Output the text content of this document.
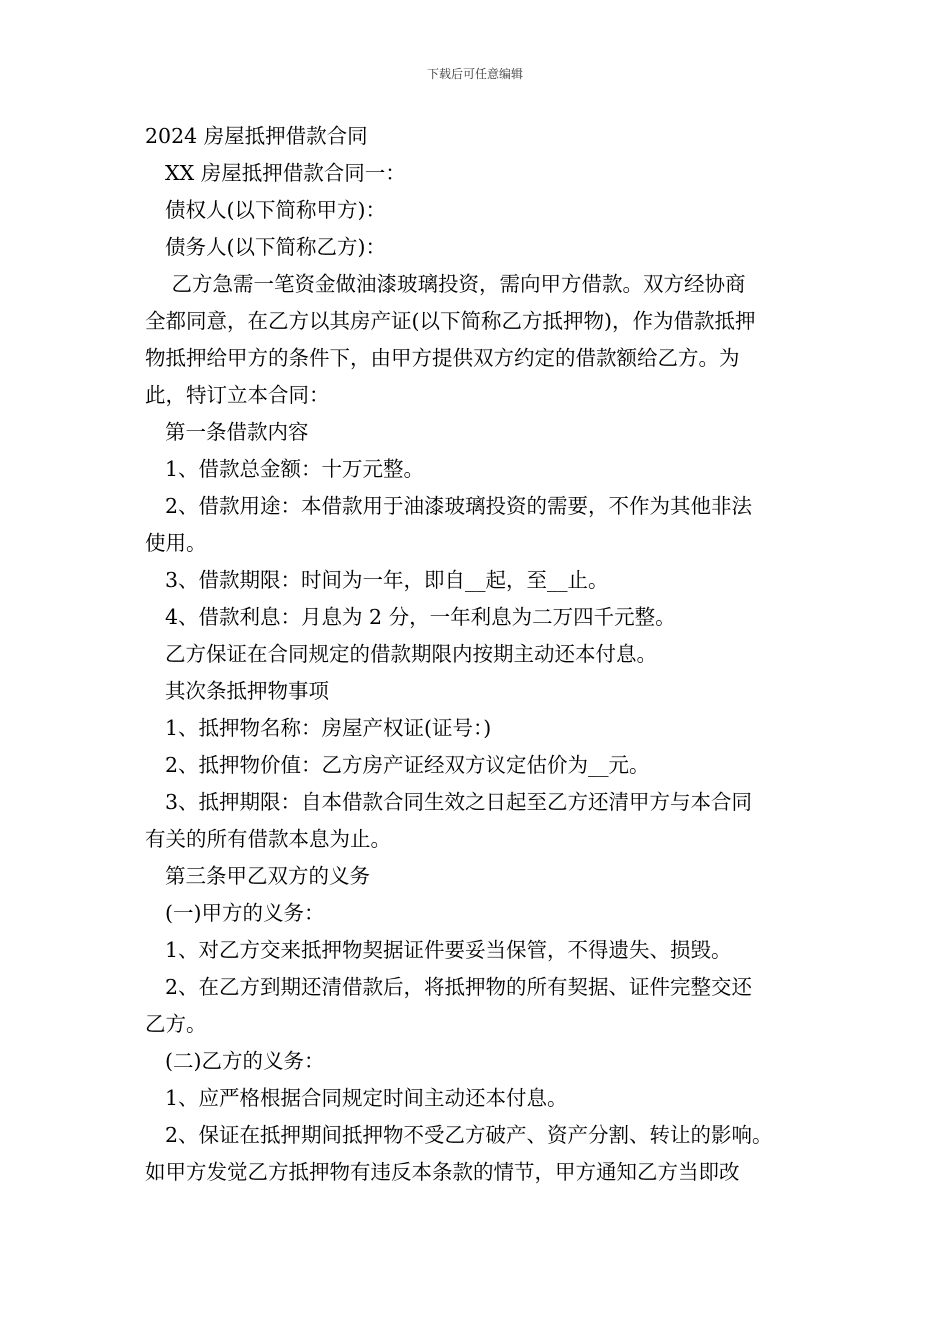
下载后可任意编辑

2024 房屋抵押借款合同

XX 房屋抵押借款合同一：

债权人(以下简称甲方)：

债务人(以下简称乙方)：

乙方急需一笔资金做油漆玻璃投资，需向甲方借款。双方经协商
全都同意，在乙方以其房产证(以下简称乙方抵押物)，作为借款抵押
物抵押给甲方的条件下，由甲方提供双方约定的借款额给乙方。为
此，特订立本合同：

第一条借款内容

1、借款总金额：十万元整。

2、借款用途：本借款用于油漆玻璃投资的需要，不作为其他非法
使用。

3、借款期限：时间为一年，即自__起，至__止。

4、借款利息：月息为 2 分，一年利息为二万四千元整。

乙方保证在合同规定的借款期限内按期主动还本付息。

其次条抵押物事项

1、抵押物名称：房屋产权证(证号：)

2、抵押物价值：乙方房产证经双方议定估价为__元。

3、抵押期限：自本借款合同生效之日起至乙方还清甲方与本合同
有关的所有借款本息为止。

第三条甲乙双方的义务

(一)甲方的义务：

1、对乙方交来抵押物契据证件要妥当保管，不得遗失、损毁。

2、在乙方到期还清借款后，将抵押物的所有契据、证件完整交还
乙方。

(二)乙方的义务：

1、应严格根据合同规定时间主动还本付息。

2、保证在抵押期间抵押物不受乙方破产、资产分割、转让的影响。
如甲方发觉乙方抵押物有违反本条款的情节，甲方通知乙方当即改
